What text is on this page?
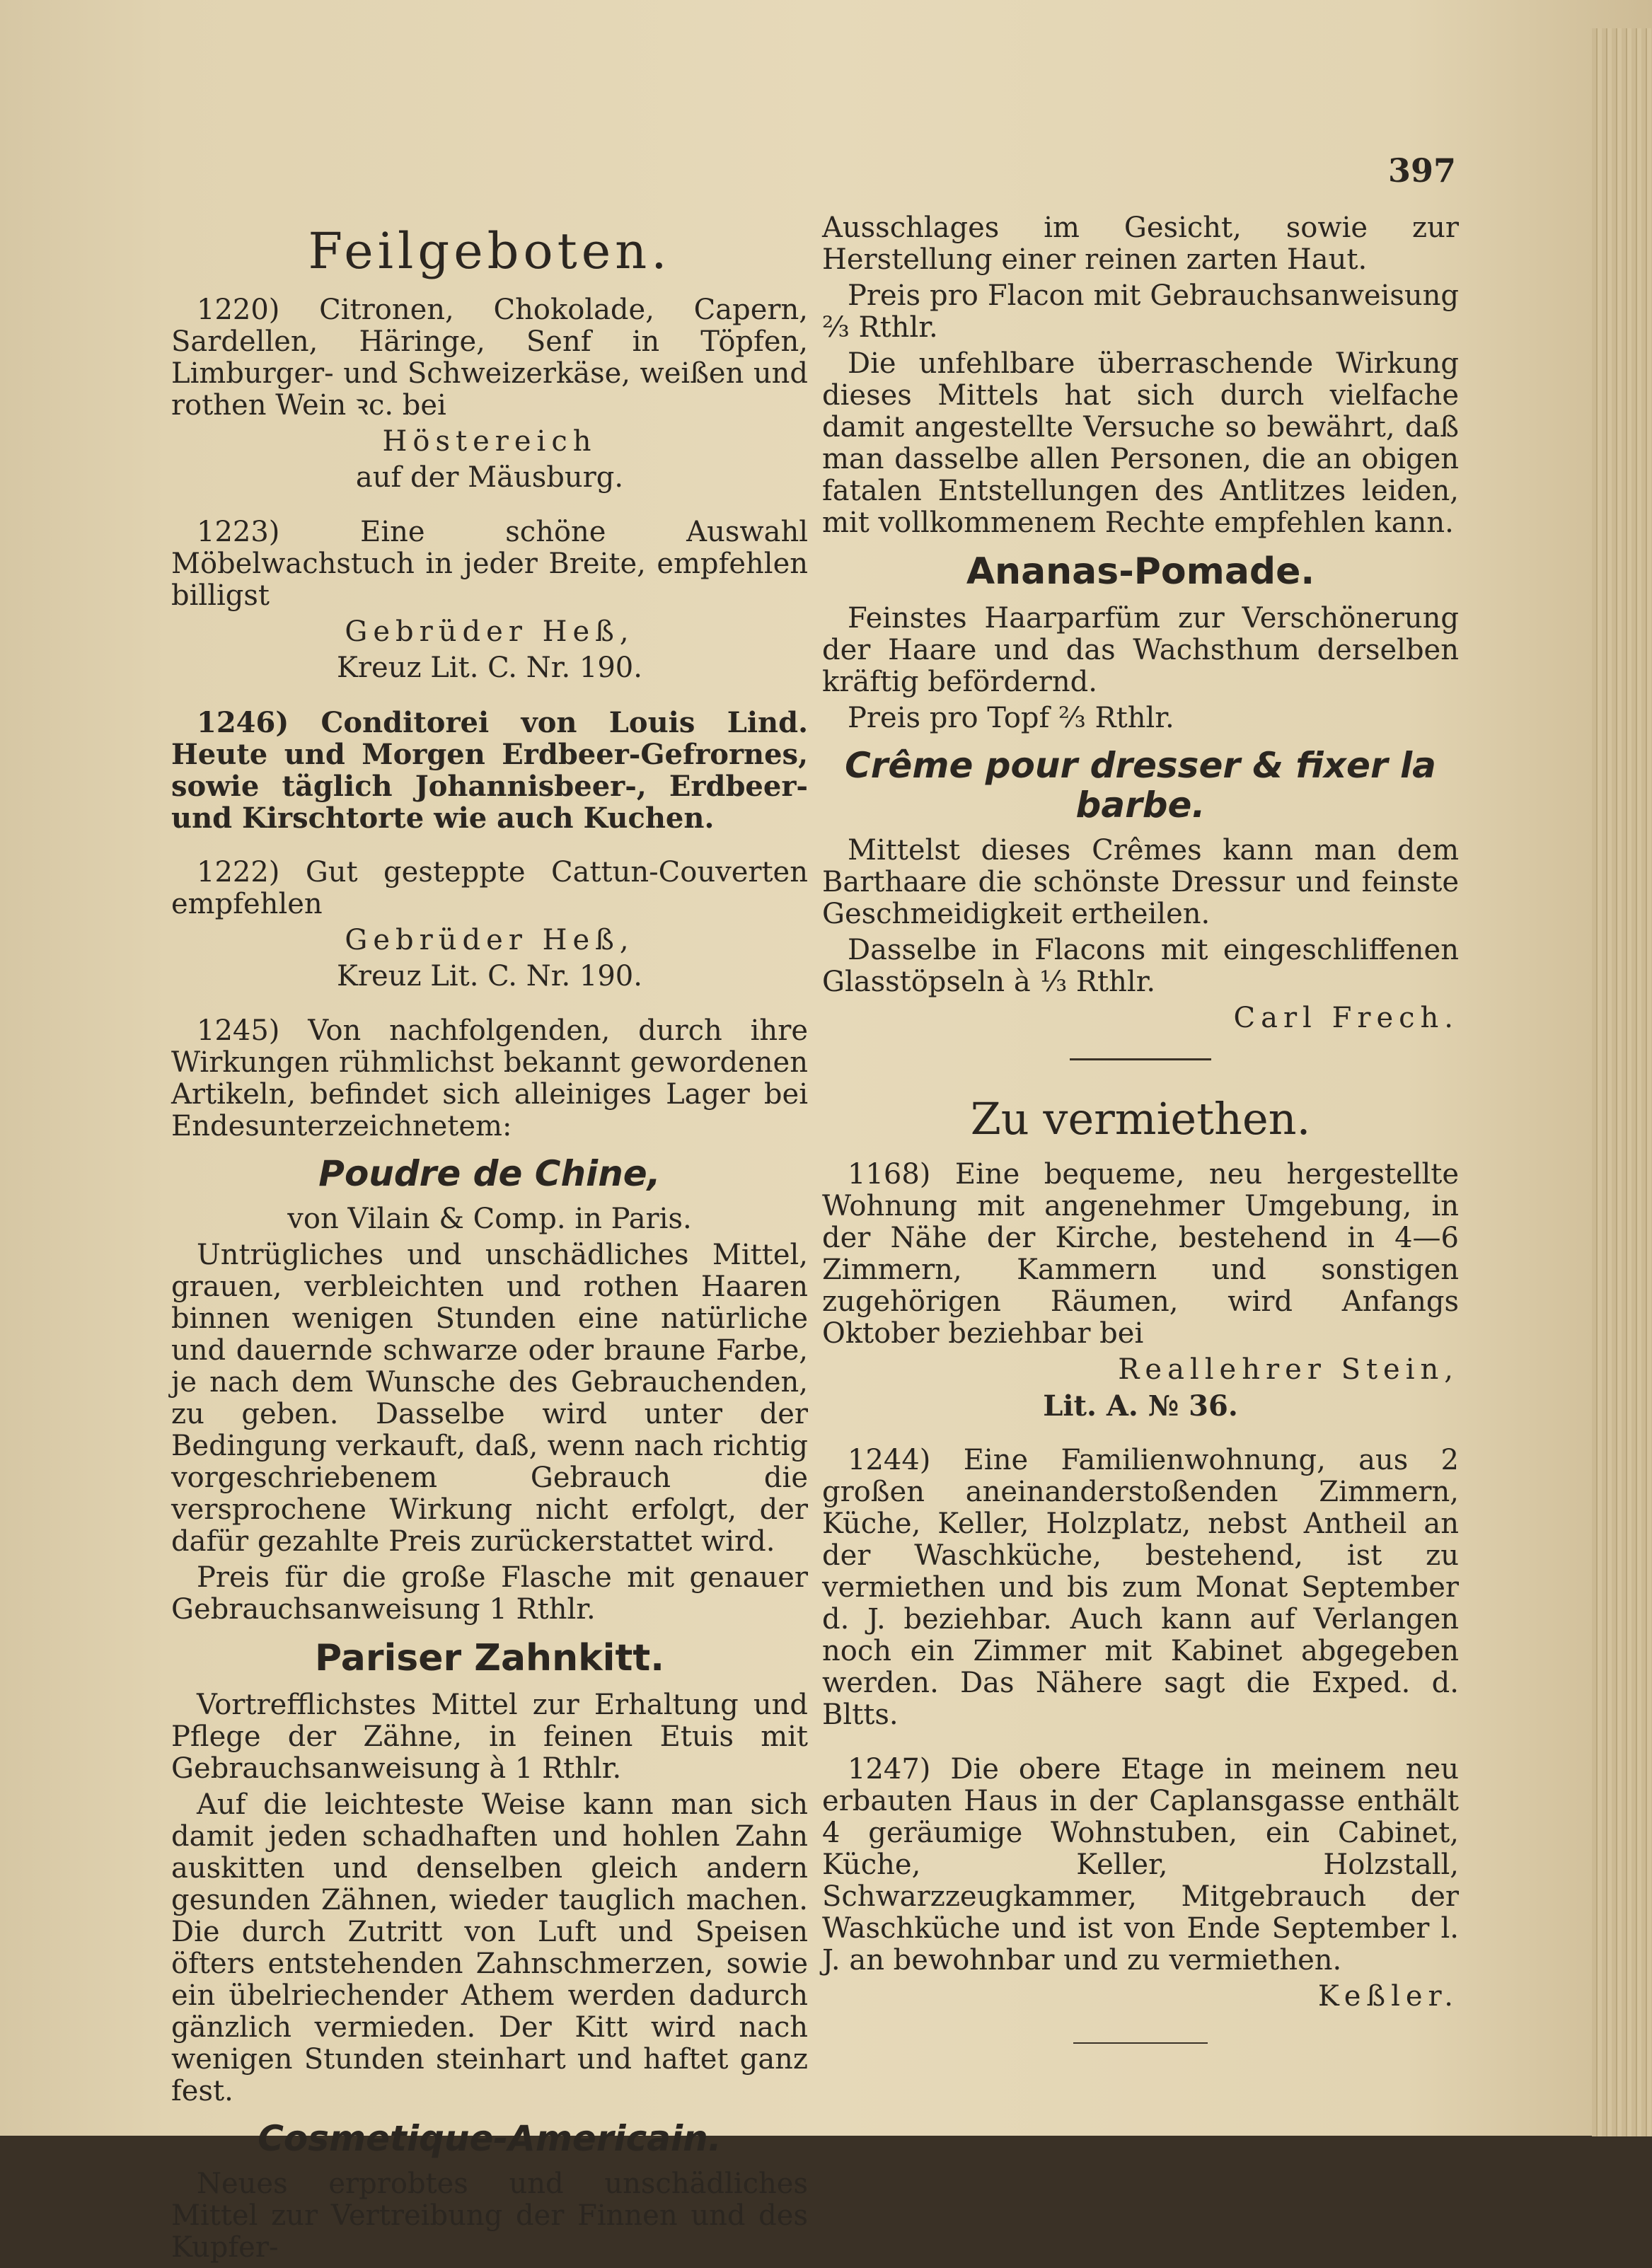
397
Feilgeboten.

1220) Citronen, Chokolade, Capern, Sardellen, Häringe, Senf in Töpfen, Limburger- und Schweizerkäse, weißen und rothen Wein ꝛc. bei

Höstereich

auf der Mäusburg.

1223) Eine schöne Auswahl Möbelwachstuch in jeder Breite, empfehlen billigst

Gebrüder Heß,

Kreuz Lit. C. Nr. 190.

1246) Conditorei von Louis Lind. Heute und Morgen Erdbeer-Gefrornes, sowie täglich Johannisbeer-, Erdbeer- und Kirschtorte wie auch Kuchen.

1222) Gut gesteppte Cattun-Couverten empfehlen

Gebrüder Heß,

Kreuz Lit. C. Nr. 190.

1245) Von nachfolgenden, durch ihre Wirkungen rühmlichst bekannt gewordenen Artikeln, befindet sich alleiniges Lager bei Endesunterzeichnetem:

Poudre de Chine,

von Vilain & Comp. in Paris.

Untrügliches und unschädliches Mittel, grauen, verbleichten und rothen Haaren binnen wenigen Stunden eine natürliche und dauernde schwarze oder braune Farbe, je nach dem Wunsche des Gebrauchenden, zu geben. Dasselbe wird unter der Bedingung verkauft, daß, wenn nach richtig vorgeschriebenem Gebrauch die versprochene Wirkung nicht erfolgt, der dafür gezahlte Preis zurückerstattet wird.

Preis für die große Flasche mit genauer Gebrauchsanweisung 1 Rthlr.

Pariser Zahnkitt.

Vortrefflichstes Mittel zur Erhaltung und Pflege der Zähne, in feinen Etuis mit Gebrauchsanweisung à 1 Rthlr.

Auf die leichteste Weise kann man sich damit jeden schadhaften und hohlen Zahn auskitten und denselben gleich andern gesunden Zähnen, wieder tauglich machen. Die durch Zutritt von Luft und Speisen öfters entstehenden Zahnschmerzen, sowie ein übelriechender Athem werden dadurch gänzlich vermieden. Der Kitt wird nach wenigen Stunden steinhart und haftet ganz fest.

Cosmetique-Americain.

Neues erprobtes und unschädliches Mittel zur Vertreibung der Finnen und des Kupfer-

Ausschlages im Gesicht, sowie zur Herstellung einer reinen zarten Haut.

Preis pro Flacon mit Gebrauchsanweisung ⅔ Rthlr.

Die unfehlbare überraschende Wirkung dieses Mittels hat sich durch vielfache damit angestellte Versuche so bewährt, daß man dasselbe allen Personen, die an obigen fatalen Entstellungen des Antlitzes leiden, mit vollkommenem Rechte empfehlen kann.

Ananas-Pomade.

Feinstes Haarparfüm zur Verschönerung der Haare und das Wachsthum derselben kräftig befördernd.

Preis pro Topf ⅔ Rthlr.

Crême pour dresser & fixer la barbe.

Mittelst dieses Crêmes kann man dem Barthaare die schönste Dressur und feinste Geschmeidigkeit ertheilen.

Dasselbe in Flacons mit eingeschliffenen Glasstöpseln à ⅓ Rthlr.

Carl Frech.

Zu vermiethen.

1168) Eine bequeme, neu hergestellte Wohnung mit angenehmer Umgebung, in der Nähe der Kirche, bestehend in 4—6 Zimmern, Kammern und sonstigen zugehörigen Räumen, wird Anfangs Oktober beziehbar bei

Reallehrer Stein,

Lit. A. № 36.

1244) Eine Familienwohnung, aus 2 großen aneinanderstoßenden Zimmern, Küche, Keller, Holzplatz, nebst Antheil an der Waschküche, bestehend, ist zu vermiethen und bis zum Monat September d. J. beziehbar. Auch kann auf Verlangen noch ein Zimmer mit Kabinet abgegeben werden. Das Nähere sagt die Exped. d. Bltts.

1247) Die obere Etage in meinem neu erbauten Haus in der Caplansgasse enthält 4 geräumige Wohnstuben, ein Cabinet, Küche, Keller, Holzstall, Schwarzzeugkammer, Mitgebrauch der Waschküche und ist von Ende September l. J. an bewohnbar und zu vermiethen.

Keßler.
